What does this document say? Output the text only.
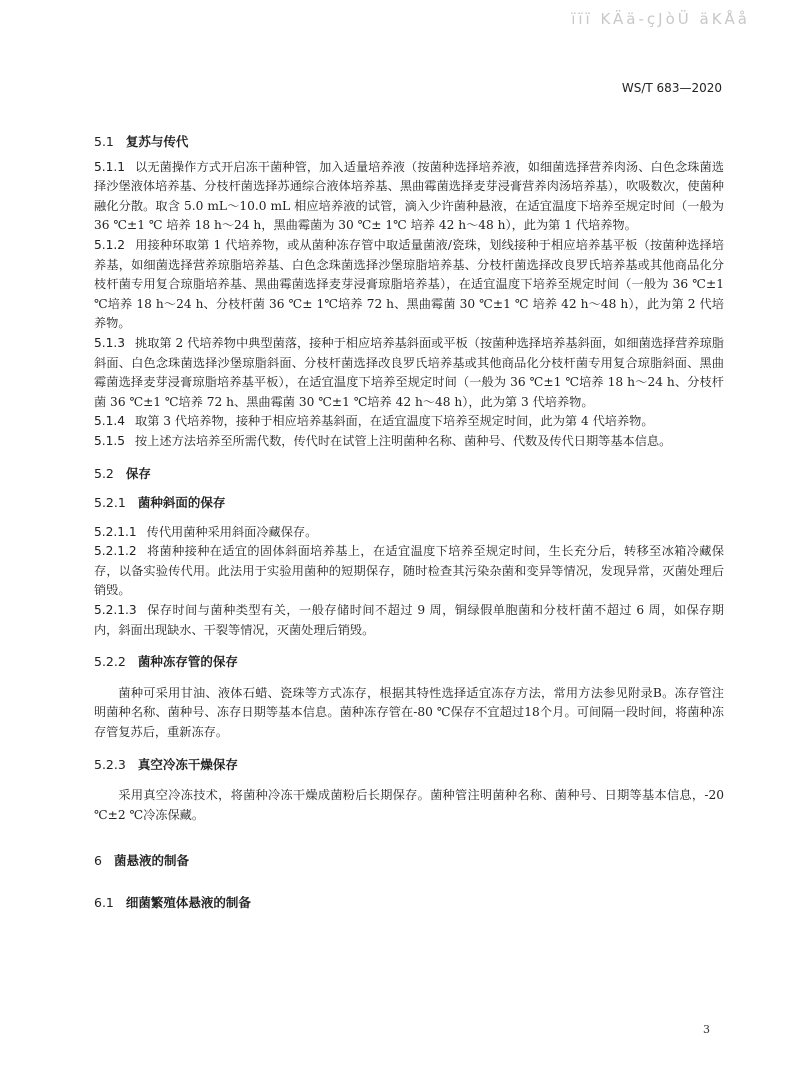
ïïï KÄä-çJòÜ äKÅå
WS/T 683—2020

5.1 复苏与传代

5.1.1 以无菌操作方式开启冻干菌种管，加入适量培养液（按菌种选择培养液，如细菌选择营养肉汤、白色念珠菌选择沙堡液体培养基、分枝杆菌选择苏通综合液体培养基、黑曲霉菌选择麦芽浸膏营养肉汤培养基），吹吸数次，使菌种融化分散。取含 5.0 mL～10.0 mL 相应培养液的试管，滴入少许菌种悬液，在适宜温度下培养至规定时间（一般为 36 ℃±1 ℃ 培养 18 h～24 h，黑曲霉菌为 30 ℃± 1℃ 培养 42 h～48 h），此为第 1 代培养物。

5.1.2 用接种环取第 1 代培养物，或从菌种冻存管中取适量菌液/瓷珠，划线接种于相应培养基平板（按菌种选择培养基，如细菌选择营养琼脂培养基、白色念珠菌选择沙堡琼脂培养基、分枝杆菌选择改良罗氏培养基或其他商品化分枝杆菌专用复合琼脂培养基、黑曲霉菌选择麦芽浸膏琼脂培养基），在适宜温度下培养至规定时间（一般为 36 ℃±1 ℃培养 18 h～24 h、分枝杆菌 36 ℃± 1℃培养 72 h、黑曲霉菌 30 ℃±1 ℃ 培养 42 h～48 h），此为第 2 代培养物。

5.1.3 挑取第 2 代培养物中典型菌落，接种于相应培养基斜面或平板（按菌种选择培养基斜面，如细菌选择营养琼脂斜面、白色念珠菌选择沙堡琼脂斜面、分枝杆菌选择改良罗氏培养基或其他商品化分枝杆菌专用复合琼脂斜面、黑曲霉菌选择麦芽浸膏琼脂培养基平板），在适宜温度下培养至规定时间（一般为 36 ℃±1 ℃培养 18 h～24 h、分枝杆菌 36 ℃±1 ℃培养 72 h、黑曲霉菌 30 ℃±1 ℃培养 42 h～48 h），此为第 3 代培养物。

5.1.4 取第 3 代培养物，接种于相应培养基斜面，在适宜温度下培养至规定时间，此为第 4 代培养物。

5.1.5 按上述方法培养至所需代数，传代时在试管上注明菌种名称、菌种号、代数及传代日期等基本信息。

5.2 保存

5.2.1 菌种斜面的保存

5.2.1.1 传代用菌种采用斜面冷藏保存。

5.2.1.2 将菌种接种在适宜的固体斜面培养基上，在适宜温度下培养至规定时间，生长充分后，转移至冰箱冷藏保存，以备实验传代用。此法用于实验用菌种的短期保存，随时检查其污染杂菌和变异等情况，发现异常，灭菌处理后销毁。

5.2.1.3 保存时间与菌种类型有关，一般存储时间不超过 9 周，铜绿假单胞菌和分枝杆菌不超过 6 周，如保存期内，斜面出现缺水、干裂等情况，灭菌处理后销毁。

5.2.2 菌种冻存管的保存

菌种可采用甘油、液体石蜡、瓷珠等方式冻存，根据其特性选择适宜冻存方法，常用方法参见附录B。冻存管注明菌种名称、菌种号、冻存日期等基本信息。菌种冻存管在-80 ℃保存不宜超过18个月。可间隔一段时间，将菌种冻存管复苏后，重新冻存。

5.2.3 真空冷冻干燥保存

采用真空冷冻技术，将菌种冷冻干燥成菌粉后长期保存。菌种管注明菌种名称、菌种号、日期等基本信息，-20 ℃±2 ℃冷冻保藏。

6 菌悬液的制备

6.1 细菌繁殖体悬液的制备

3
